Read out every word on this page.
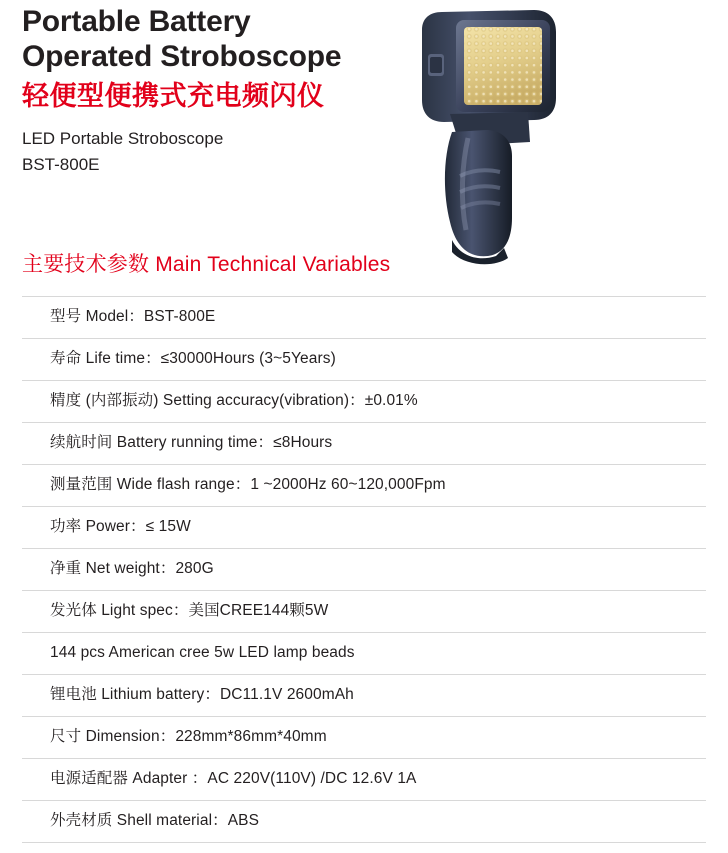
Portable Battery
Operated Stroboscope
轻便型便携式充电频闪仪
LED Portable Stroboscope
BST-800E
主要技术参数 Main Technical Variables
型号 Model：BST-800E
寿命 Life time：≤30000Hours (3~5Years)
精度 (内部振动) Setting accuracy(vibration)：±0.01%
续航时间 Battery running time：≤8Hours
测量范围 Wide flash range：1 ~2000Hz 60~120,000Fpm
功率 Power：≤ 15W
净重 Net weight：280G
发光体 Light spec：美国CREE144颗5W
144 pcs American cree 5w LED lamp beads
锂电池 Lithium battery：DC11.1V 2600mAh
尺寸 Dimension：228mm*86mm*40mm
电源适配器 Adapter ：AC 220V(110V) /DC 12.6V 1A
外壳材质 Shell material：ABS
